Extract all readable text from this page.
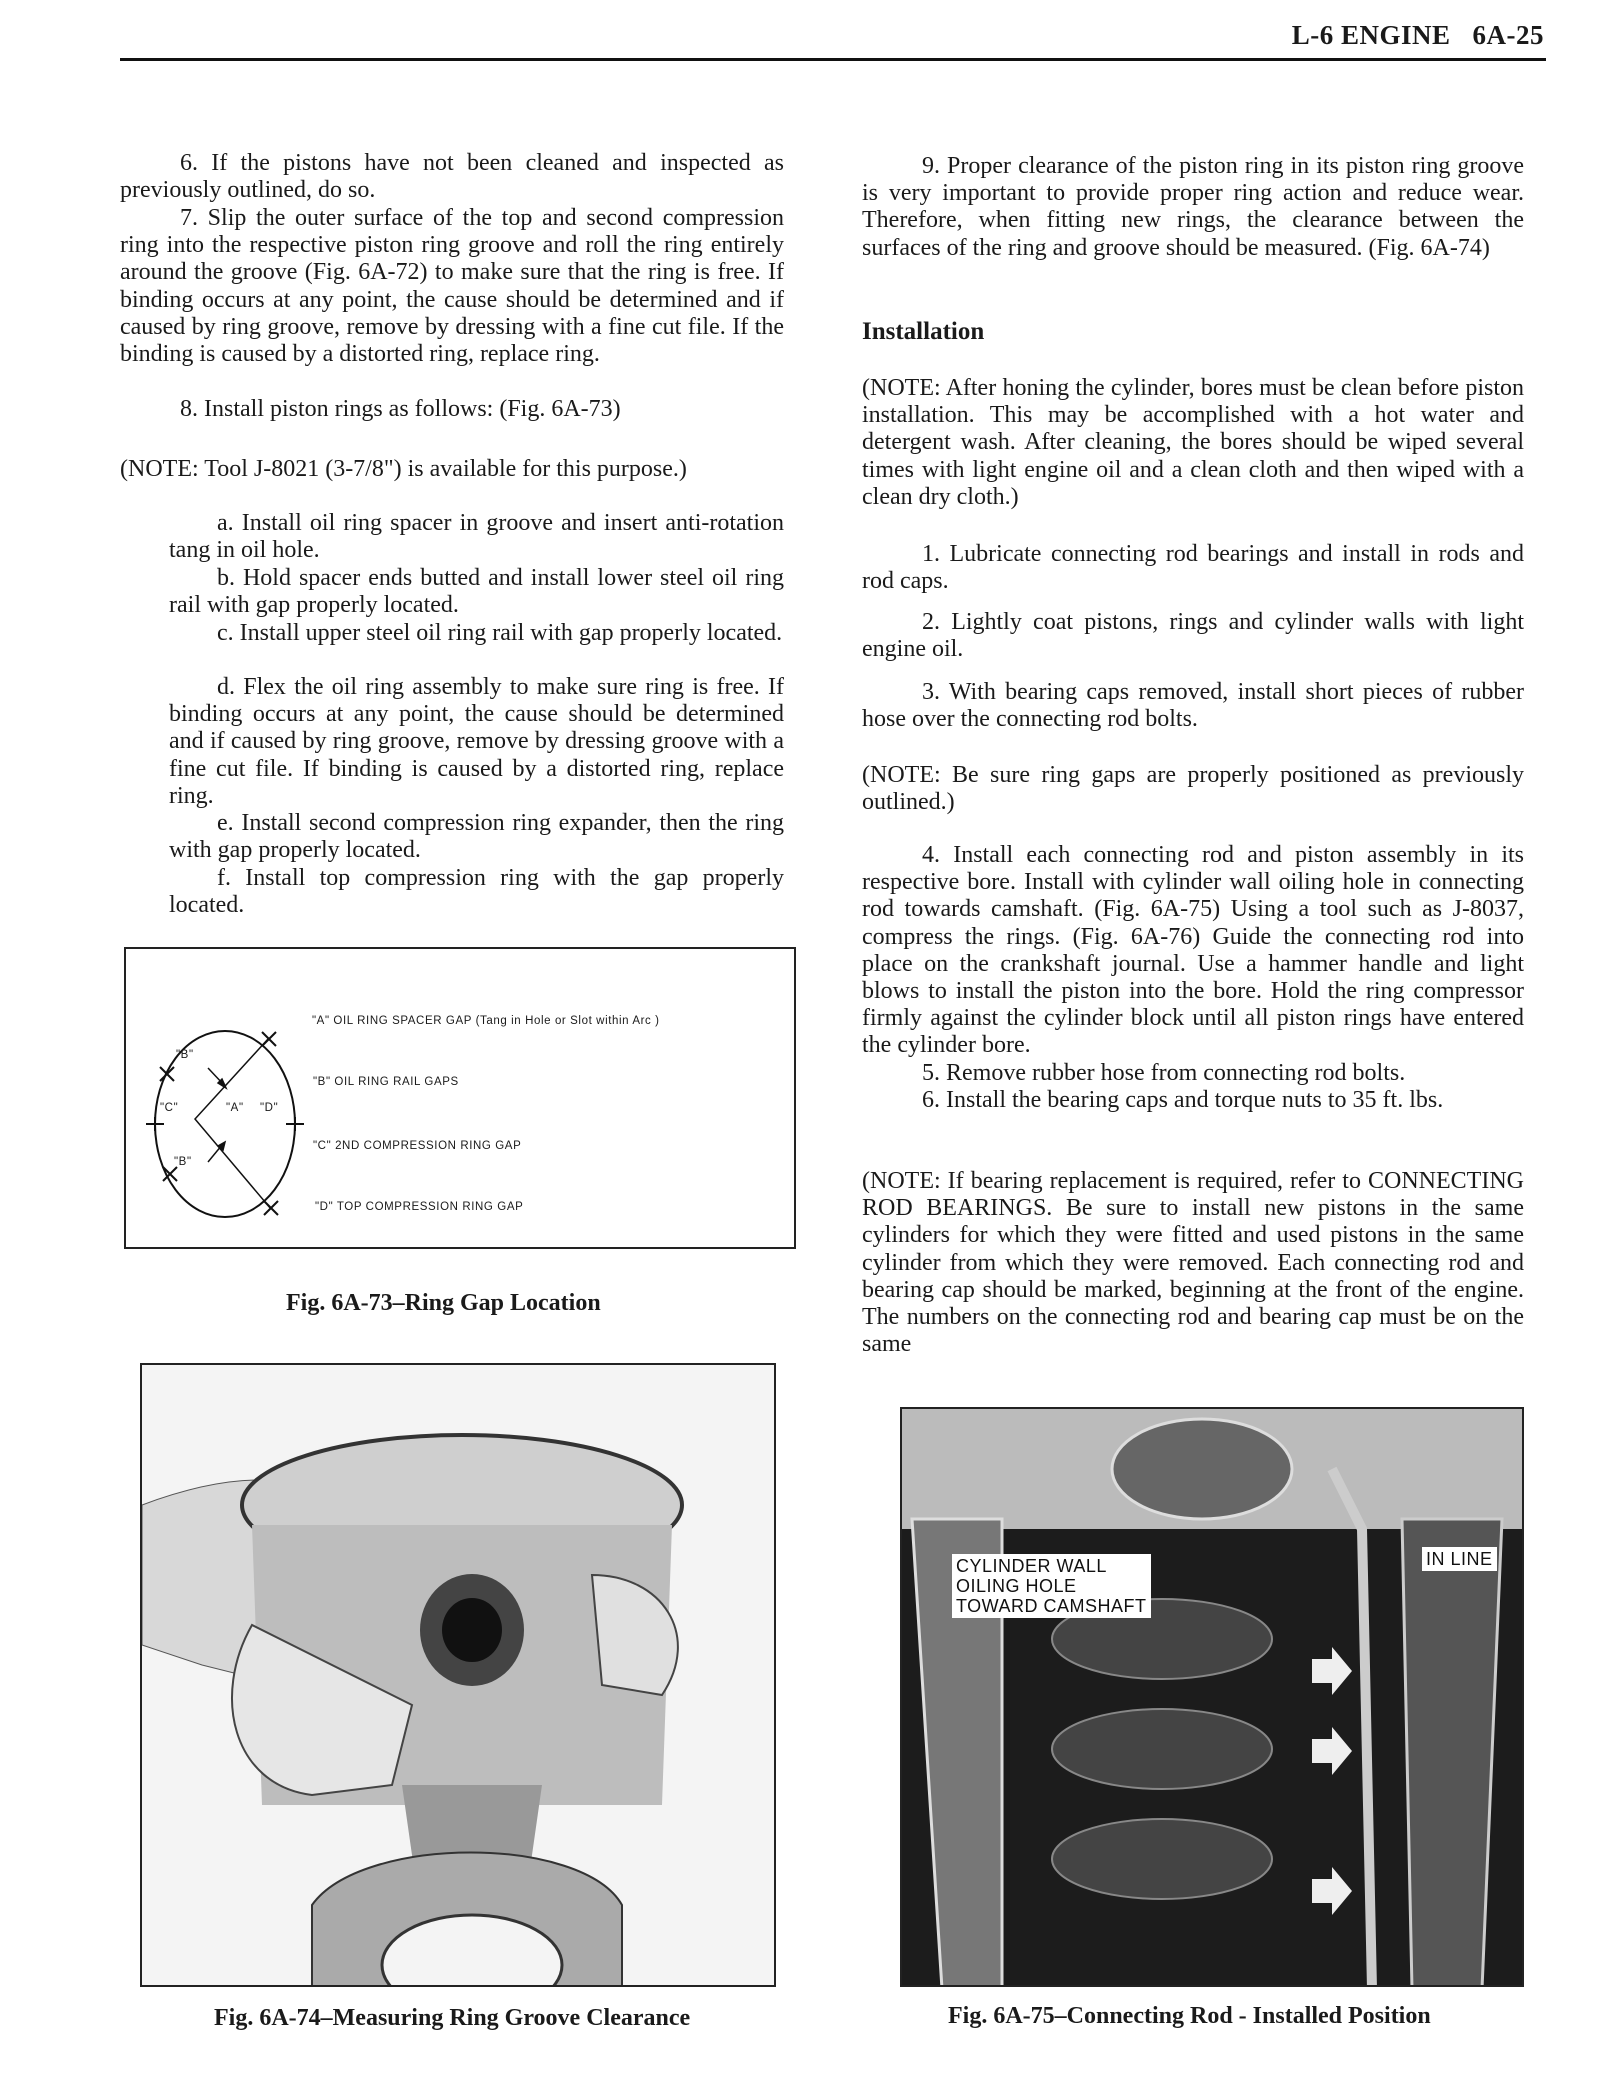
L-6 ENGINE 6A-25
6. If the pistons have not been cleaned and inspected as previously outlined, do so.
7. Slip the outer surface of the top and second compression ring into the respective piston ring groove and roll the ring entirely around the groove (Fig. 6A-72) to make sure that the ring is free. If binding occurs at any point, the cause should be determined and if caused by ring groove, remove by dressing with a fine cut file. If the binding is caused by a distorted ring, replace ring.
8. Install piston rings as follows: (Fig. 6A-73)
(NOTE: Tool J-8021 (3-7/8") is available for this purpose.)
a. Install oil ring spacer in groove and insert anti-rotation tang in oil hole.
b. Hold spacer ends butted and install lower steel oil ring rail with gap properly located.
c. Install upper steel oil ring rail with gap properly located.
d. Flex the oil ring assembly to make sure ring is free. If binding occurs at any point, the cause should be determined and if caused by ring groove, remove by dressing groove with a fine cut file. If binding is caused by a distorted ring, replace ring.
e. Install second compression ring expander, then the ring with gap properly located.
f. Install top compression ring with the gap properly located.
"B"
"B"
"C"	"A" "D"
"A" OIL RING SPACER GAP (Tang in Hole or Slot within Arc )
"B" OIL RING RAIL GAPS
"C" 2ND COMPRESSION RING GAP
"D" TOP COMPRESSION RING GAP
Fig. 6A-73–Ring Gap Location
Fig. 6A-74–Measuring Ring Groove Clearance
9. Proper clearance of the piston ring in its piston ring groove is very important to provide proper ring action and reduce wear. Therefore, when fitting new rings, the clearance between the surfaces of the ring and groove should be measured. (Fig. 6A-74)
Installation
(NOTE: After honing the cylinder, bores must be clean before piston installation. This may be accomplished with a hot water and detergent wash. After cleaning, the bores should be wiped several times with light engine oil and a clean cloth and then wiped with a clean dry cloth.)
1. Lubricate connecting rod bearings and install in rods and rod caps.
2. Lightly coat pistons, rings and cylinder walls with light engine oil.
3. With bearing caps removed, install short pieces of rubber hose over the connecting rod bolts.
(NOTE: Be sure ring gaps are properly positioned as previously outlined.)
4. Install each connecting rod and piston assembly in its respective bore. Install with cylinder wall oiling hole in connecting rod towards camshaft. (Fig. 6A-75) Using a tool such as J-8037, compress the rings. (Fig. 6A-76) Guide the connecting rod into place on the crankshaft journal. Use a hammer handle and light blows to install the piston into the bore. Hold the ring compressor firmly against the cylinder block until all piston rings have entered the cylinder bore.
5. Remove rubber hose from connecting rod bolts.
6. Install the bearing caps and torque nuts to 35 ft. lbs.
(NOTE: If bearing replacement is required, refer to CONNECTING ROD BEARINGS. Be sure to install new pistons in the same cylinders for which they were fitted and used pistons in the same cylinder from which they were removed. Each connecting rod and bearing cap should be marked, beginning at the front of the engine. The numbers on the connecting rod and bearing cap must be on the same
CYLINDER WALL
OILING HOLE
TOWARD CAMSHAFT
IN LINE
Fig. 6A-75–Connecting Rod - Installed Position
